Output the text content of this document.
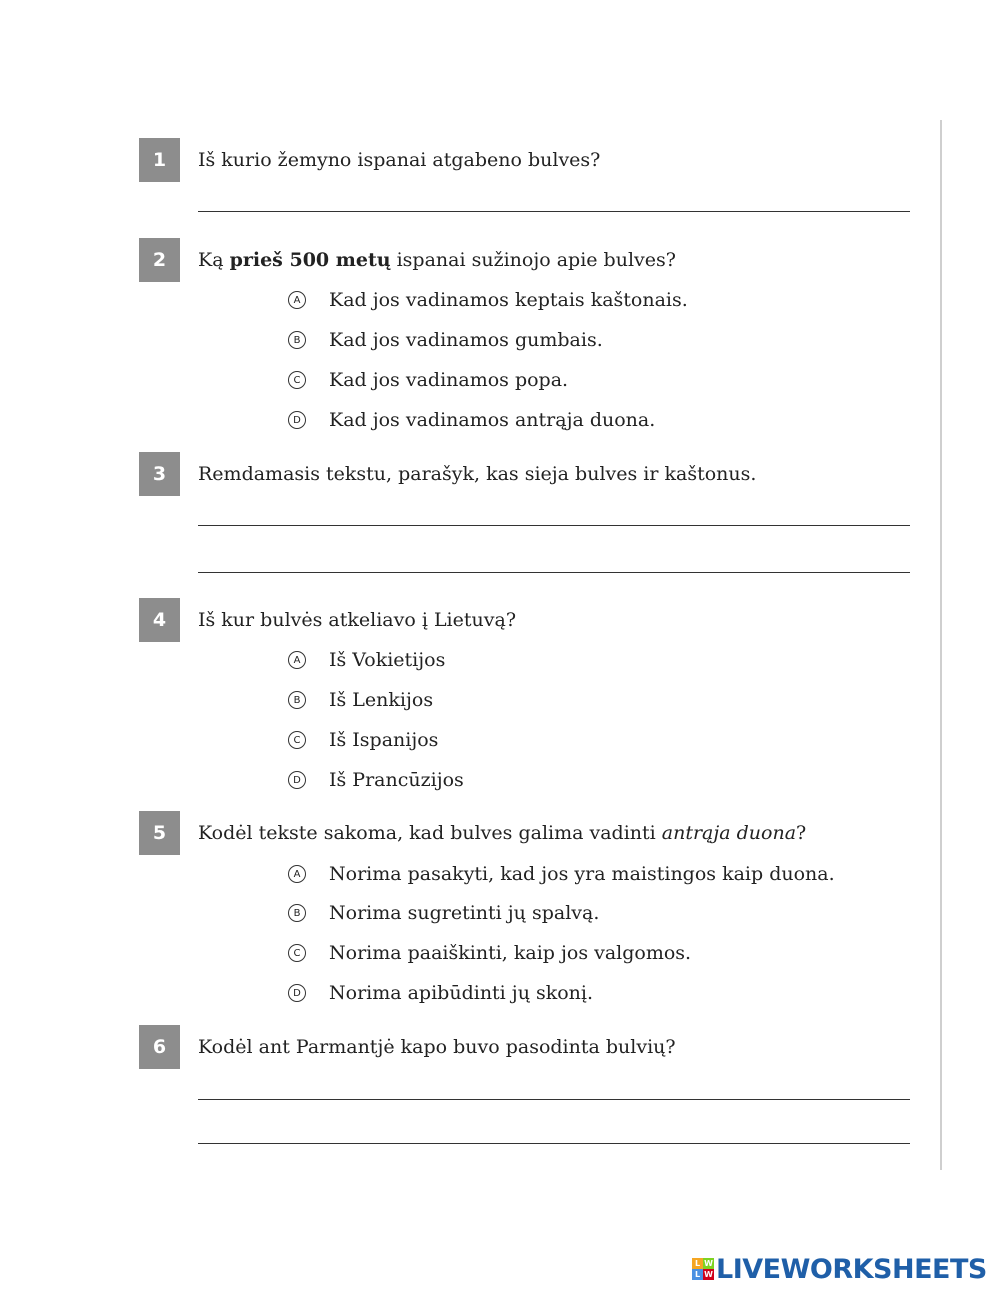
1	Iš kurio žemyno ispanai atgabeno bulves?
2	Ką prieš 500 metų ispanai sužinojo apie bulves?
A Kad jos vadinamos keptais kaštonais.
B Kad jos vadinamos gumbais.
C Kad jos vadinamos popa.
D Kad jos vadinamos antrąja duona.
3	Remdamasis tekstu, parašyk, kas sieja bulves ir kaštonus.
4	Iš kur bulvės atkeliavo į Lietuvą?
A Iš Vokietijos
B Iš Lenkijos
C Iš Ispanijos
D Iš Prancūzijos
5	Kodėl tekste sakoma, kad bulves galima vadinti antrąja duona?
A Norima pasakyti, kad jos yra maistingos kaip duona.
B Norima sugretinti jų spalvą.
C Norima paaiškinti, kaip jos valgomos.
D Norima apibūdinti jų skonį.
6	Kodėl ant Parmantjė kapo buvo pasodinta bulvių?
L W
L W LIVEWORKSHEETS
